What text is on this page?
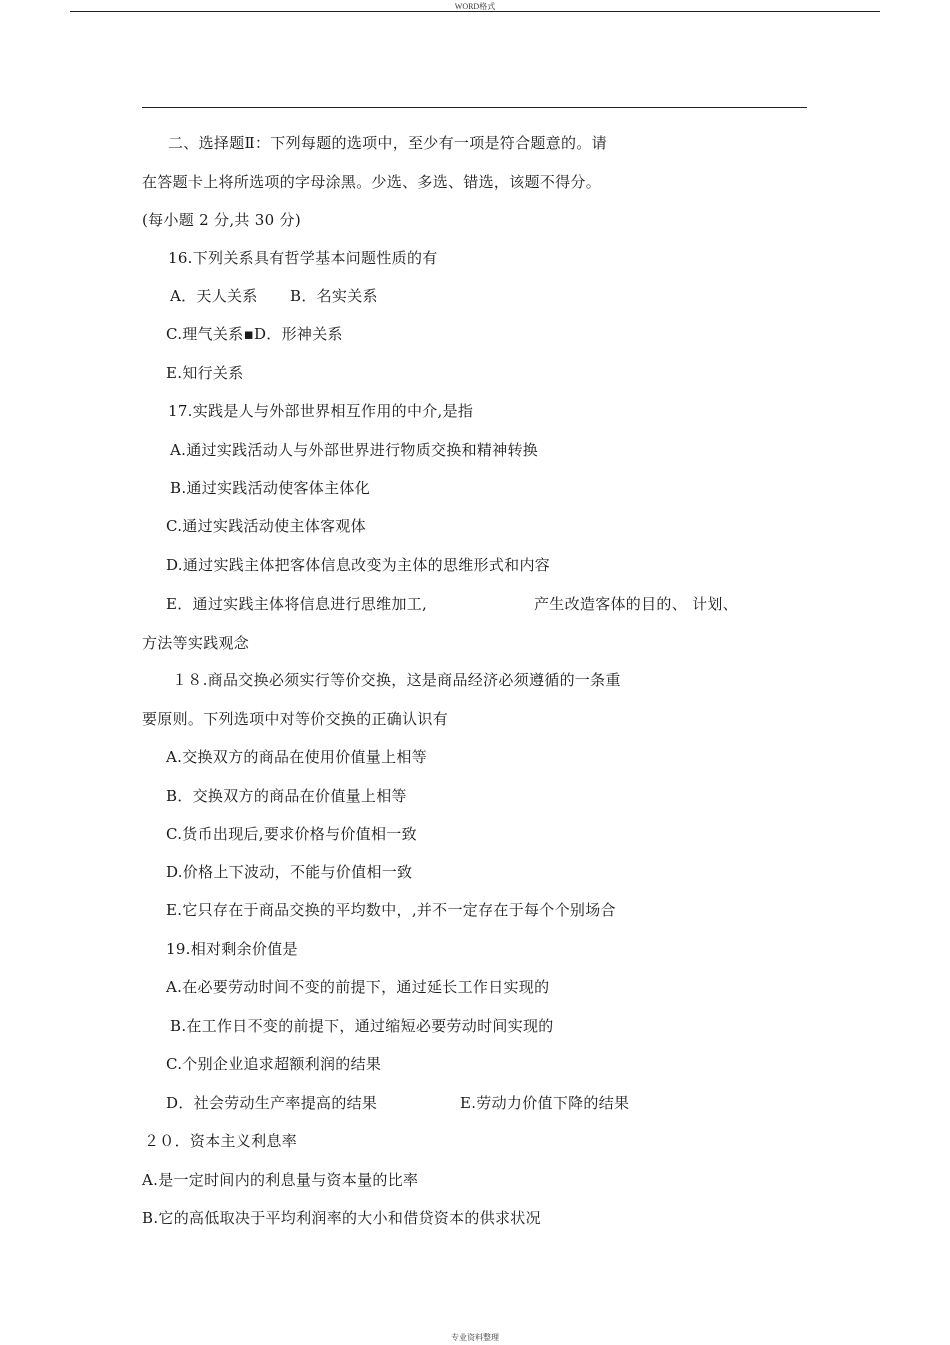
WORD格式
二、选择题Ⅱ：下列每题的选项中，至少有一项是符合题意的。请
在答题卡上将所选项的字母涂黑。少选、多选、错选，该题不得分。
(每小题 2 分,共 30 分)
16.下列关系具有哲学基本问题性质的有
A．天人关系 B．名实关系
C.理气关系▪D．形神关系
E.知行关系
17.实践是人与外部世界相互作用的中介,是指
A.通过实践活动人与外部世界进行物质交换和精神转换
B.通过实践活动使客体主体化
C.通过实践活动使主体客观体
D.通过实践主体把客体信息改变为主体的思维形式和内容
E．通过实践主体将信息进行思维加工,	产生改造客体的目的、 计划、
方法等实践观念
１８.商品交换必须实行等价交换，这是商品经济必须遵循的一条重
要原则。下列选项中对等价交换的正确认识有
A.交换双方的商品在使用价值量上相等
B．交换双方的商品在价值量上相等
C.货币出现后,要求价格与价值相一致
D.价格上下波动，不能与价值相一致
E.它只存在于商品交换的平均数中，,并不一定存在于每个个别场合
19.相对剩余价值是
A.在必要劳动时间不变的前提下，通过延长工作日实现的
B.在工作日不变的前提下，通过缩短必要劳动时间实现的
C.个别企业追求超额利润的结果
D．社会劳动生产率提高的结果	E.劳动力价值下降的结果
２０．资本主义利息率
A.是一定时间内的利息量与资本量的比率
B.它的高低取决于平均利润率的大小和借贷资本的供求状况
专业资料整理
